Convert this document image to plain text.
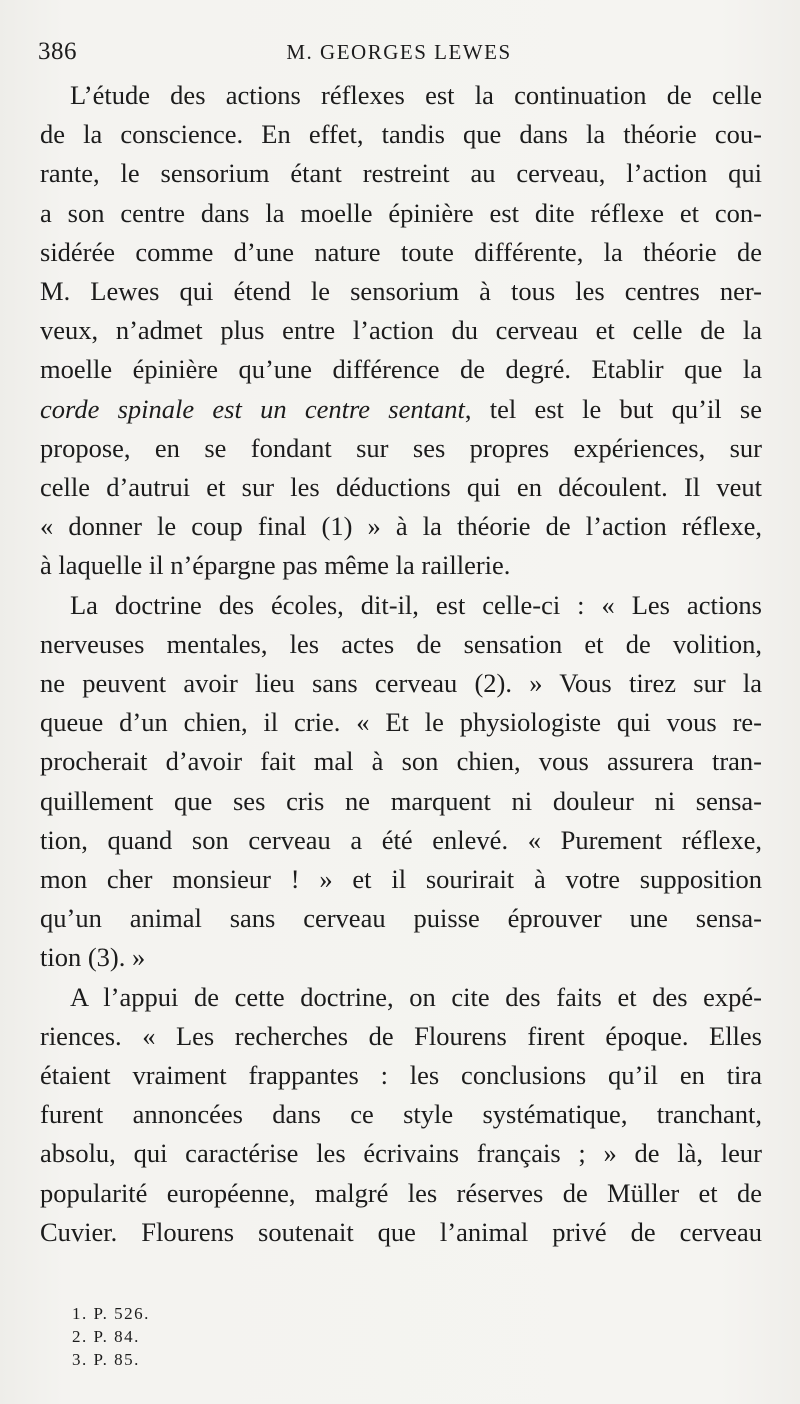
386	M. GEORGES LEWES

L’étude des actions réflexes est la continuation de celle
de la conscience. En effet, tandis que dans la théorie cou-
rante, le sensorium étant restreint au cerveau, l’action qui
a son centre dans la moelle épinière est dite réflexe et con-
sidérée comme d’une nature toute différente, la théorie de
M. Lewes qui étend le sensorium à tous les centres ner-
veux, n’admet plus entre l’action du cerveau et celle de la
moelle épinière qu’une différence de degré. Etablir que la
corde spinale est un centre sentant, tel est le but qu’il se
propose, en se fondant sur ses propres expériences, sur
celle d’autrui et sur les déductions qui en découlent. Il veut
« donner le coup final (1) » à la théorie de l’action réflexe,
à laquelle il n’épargne pas même la raillerie.

La doctrine des écoles, dit-il, est celle-ci : « Les actions
nerveuses mentales, les actes de sensation et de volition,
ne peuvent avoir lieu sans cerveau (2). » Vous tirez sur la
queue d’un chien, il crie. « Et le physiologiste qui vous re-
procherait d’avoir fait mal à son chien, vous assurera tran-
quillement que ses cris ne marquent ni douleur ni sensa-
tion, quand son cerveau a été enlevé. « Purement réflexe,
mon cher monsieur ! » et il sourirait à votre supposition
qu’un animal sans cerveau puisse éprouver une sensa-
tion (3). »

A l’appui de cette doctrine, on cite des faits et des expé-
riences. « Les recherches de Flourens firent époque. Elles
étaient vraiment frappantes : les conclusions qu’il en tira
furent annoncées dans ce style systématique, tranchant,
absolu, qui caractérise les écrivains français ; » de là, leur
popularité européenne, malgré les réserves de Müller et de
Cuvier. Flourens soutenait que l’animal privé de cerveau

1. P. 526.
2. P. 84.
3. P. 85.
